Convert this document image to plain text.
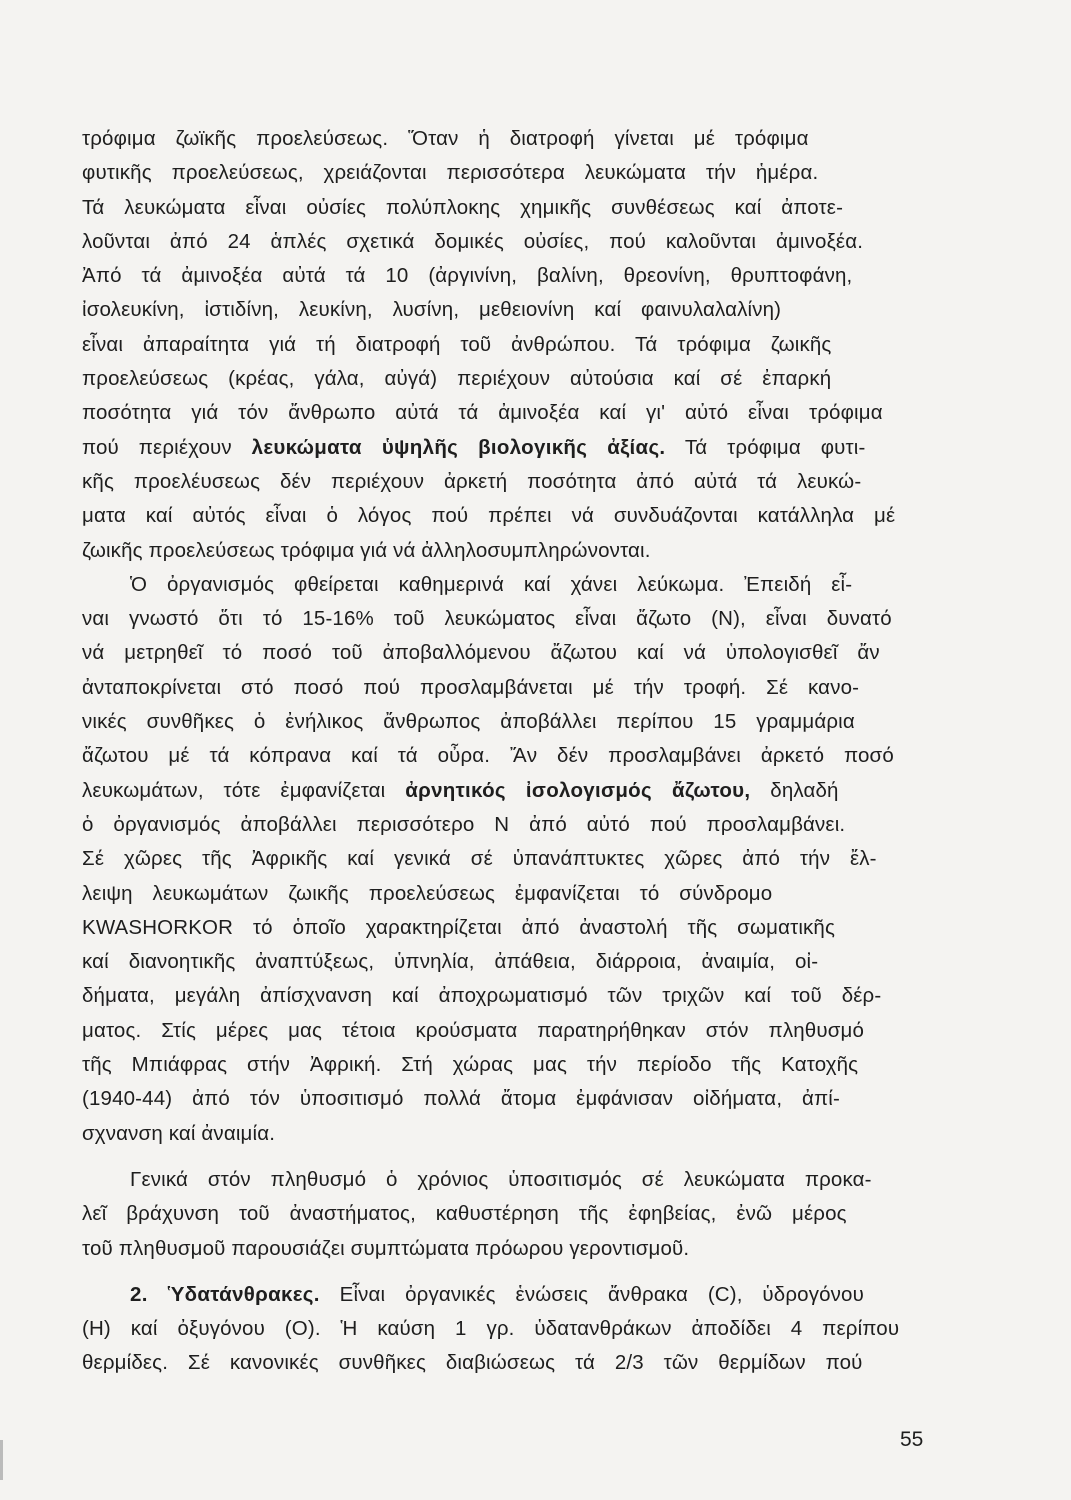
τρόφιμα ζωϊκῆς προελεύσεως. Ὅταν ἡ διατροφή γίνεται μέ τρόφιμα
φυτικῆς προελεύσεως, χρειάζονται περισσότερα λευκώματα τήν ἡμέρα.
Τά λευκώματα εἶναι οὐσίες πολύπλοκης χημικῆς συνθέσεως καί ἀποτε-
λοῦνται ἀπό 24 ἁπλές σχετικά δομικές οὐσίες, πού καλοῦνται ἀμινοξέα.
Ἀπό τά ἀμινοξέα αὐτά τά 10 (ἀργινίνη, βαλίνη, θρεονίνη, θρυπτοφάνη,
ἰσολευκίνη, ἰστιδίνη, λευκίνη, λυσίνη, μεθειονίνη καί φαινυλαλαλίνη)
εἶναι ἀπαραίτητα γιά τή διατροφή τοῦ ἀνθρώπου. Τά τρόφιμα ζωικῆς
προελεύσεως (κρέας, γάλα, αὐγά) περιέχουν αὐτούσια καί σέ ἐπαρκή
ποσότητα γιά τόν ἄνθρωπο αὐτά τά ἀμινοξέα καί γι' αὐτό εἶναι τρόφιμα
πού περιέχουν λευκώματα ὑψηλῆς βιολογικῆς ἀξίας. Τά τρόφιμα φυτι-
κῆς προελέυσεως δέν περιέχουν ἀρκετή ποσότητα ἀπό αὐτά τά λευκώ-
ματα καί αὐτός εἶναι ὁ λόγος πού πρέπει νά συνδυάζονται κατάλληλα μέ
ζωικῆς προελεύσεως τρόφιμα γιά νά ἀλληλοσυμπληρώνονται.
Ὁ ὀργανισμός φθείρεται καθημερινά καί χάνει λεύκωμα. Ἐπειδή εἶ-
ναι γνωστό ὅτι τό 15-16% τοῦ λευκώματος εἶναι ἄζωτο (Ν), εἶναι δυνατό
νά μετρηθεῖ τό ποσό τοῦ ἀποβαλλόμενου ἄζωτου καί νά ὑπολογισθεῖ ἄν
ἀνταποκρίνεται στό ποσό πού προσλαμβάνεται μέ τήν τροφή. Σέ κανο-
νικές συνθῆκες ὁ ἐνήλικος ἄνθρωπος ἀποβάλλει περίπου 15 γραμμάρια
ἄζωτου μέ τά κόπρανα καί τά οὖρα. Ἄν δέν προσλαμβάνει ἀρκετό ποσό
λευκωμάτων, τότε ἐμφανίζεται ἀρνητικός ἰσολογισμός ἄζωτου, δηλαδή
ὁ ὀργανισμός ἀποβάλλει περισσότερο Ν ἀπό αὐτό πού προσλαμβάνει.
Σέ χῶρες τῆς Ἀφρικῆς καί γενικά σέ ὑπανάπτυκτες χῶρες ἀπό τήν ἔλ-
λειψη λευκωμάτων ζωικῆς προελεύσεως ἐμφανίζεται τό σύνδρομο
KWASHORKOR τό ὁποῖο χαρακτηρίζεται ἀπό ἀναστολή τῆς σωματικῆς
καί διανοητικῆς ἀναπτύξεως, ὑπνηλία, ἀπάθεια, διάρροια, ἀναιμία, οἰ-
δήματα, μεγάλη ἀπίσχνανση καί ἀποχρωματισμό τῶν τριχῶν καί τοῦ δέρ-
ματος. Στίς μέρες μας τέτοια κρούσματα παρατηρήθηκαν στόν πληθυσμό
τῆς Μπιάφρας στήν Ἀφρική. Στή χώρας μας τήν περίοδο τῆς Κατοχῆς
(1940-44) ἀπό τόν ὑποσιτισμό πολλά ἄτομα ἐμφάνισαν οἰδήματα, ἀπί-
σχνανση καί ἀναιμία.
Γενικά στόν πληθυσμό ὁ χρόνιος ὑποσιτισμός σέ λευκώματα προκα-
λεῖ βράχυνση τοῦ ἀναστήματος, καθυστέρηση τῆς ἐφηβείας, ἐνῶ μέρος
τοῦ πληθυσμοῦ παρουσιάζει συμπτώματα πρόωρου γεροντισμοῦ.
2. Ὑδατάνθρακες. Εἶναι ὀργανικές ἑνώσεις ἄνθρακα (C), ὑδρογόνου
(Η) καί ὀξυγόνου (Ο). Ἡ καύση 1 γρ. ὑδατανθράκων ἀποδίδει 4 περίπου
θερμίδες. Σέ κανονικές συνθῆκες διαβιώσεως τά 2/3 τῶν θερμίδων πού
55
